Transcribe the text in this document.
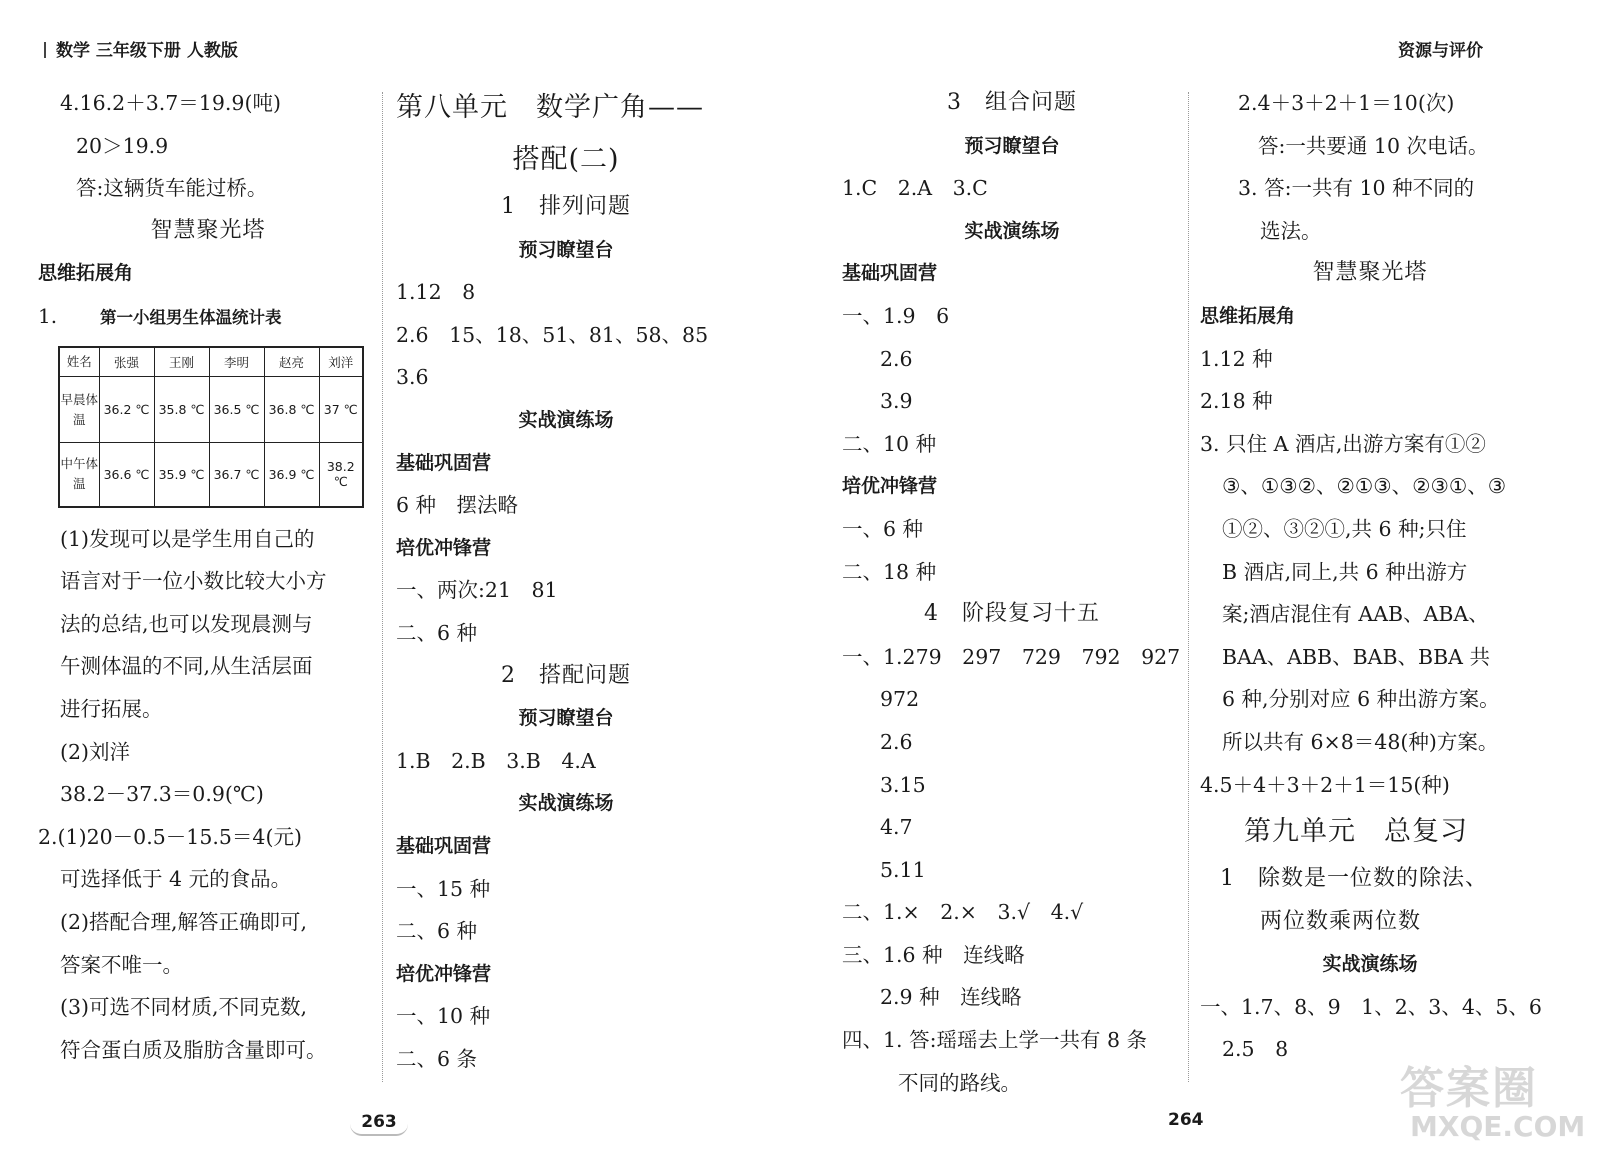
数学 三年级下册 人教版	资源与评价
4.16.2＋3.7＝19.9(吨)
20＞19.9
答:这辆货车能过桥。
智慧聚光塔
思维拓展角
1.	第一小组男生体温统计表
姓名	张强	王刚	李明	赵亮	刘洋
早晨体温	36.2 ℃	35.8 ℃	36.5 ℃	36.8 ℃	37 ℃
中午体温	36.6 ℃	35.9 ℃	36.7 ℃	36.9 ℃	38.2 ℃
(1)发现可以是学生用自己的
语言对于一位小数比较大小方
法的总结,也可以发现晨测与
午测体温的不同,从生活层面
进行拓展。
(2)刘洋
38.2－37.3＝0.9(℃)
2.(1)20－0.5－15.5＝4(元)
可选择低于 4 元的食品。
(2)搭配合理,解答正确即可,
答案不唯一。
(3)可选不同材质,不同克数,
符合蛋白质及脂肪含量即可。
第八单元　数学广角——
搭配(二)
1　排列问题
预习瞭望台
1.12　8
2.6　15、18、51、81、58、85
3.6
实战演练场
基础巩固营
6 种　摆法略
培优冲锋营
一、两次:21　81
二、6 种
2　搭配问题
预习瞭望台
1.B　2.B　3.B　4.A
实战演练场
基础巩固营
一、15 种
二、6 种
培优冲锋营
一、10 种
二、6 条
3　组合问题
预习瞭望台
1.C　2.A　3.C
实战演练场
基础巩固营
一、1.9　6
2.6
3.9
二、10 种
培优冲锋营
一、6 种
二、18 种
4　阶段复习十五
一、1.279　297　729　792　927
972
2.6
3.15
4.7
5.11
二、1.×　2.×　3.√　4.√
三、1.6 种　连线略
2.9 种　连线略
四、1. 答:瑶瑶去上学一共有 8 条
不同的路线。
2.4＋3＋2＋1＝10(次)
答:一共要通 10 次电话。
3. 答:一共有 10 种不同的
选法。
智慧聚光塔
思维拓展角
1.12 种
2.18 种
3. 只住 A 酒店,出游方案有①②
③、①③②、②①③、②③①、③
①②、③②①,共 6 种;只住
B 酒店,同上,共 6 种出游方
案;酒店混住有 AAB、ABA、
BAA、ABB、BAB、BBA 共
6 种,分别对应 6 种出游方案。
所以共有 6×8＝48(种)方案。
4.5＋4＋3＋2＋1＝15(种)
第九单元　总复习
1　除数是一位数的除法、
两位数乘两位数
实战演练场
一、1.7、8、9　1、2、3、4、5、6
2.5　8
263	264
答案圈
MXQE.COM
